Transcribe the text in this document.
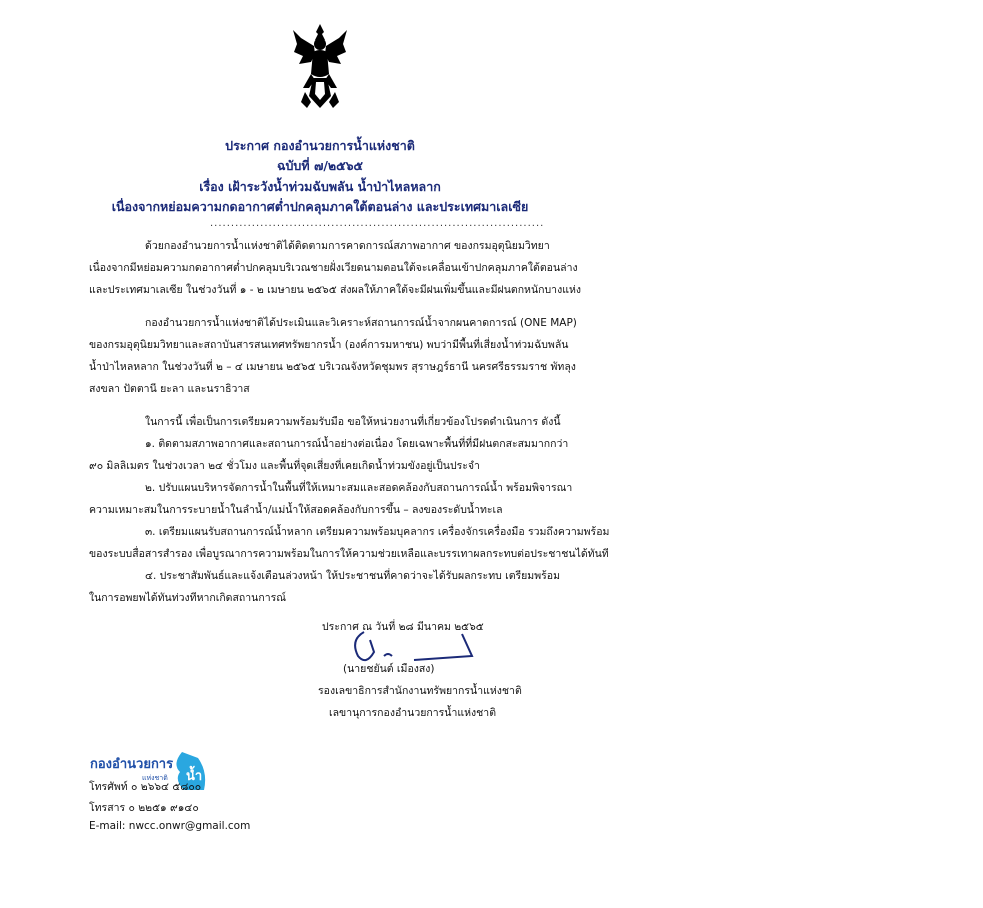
ประกาศ กองอำนวยการน้ำแห่งชาติ
ฉบับที่ ๗/๒๕๖๕
เรื่อง เฝ้าระวังน้ำท่วมฉับพลัน น้ำป่าไหลหลาก
เนื่องจากหย่อมความกดอากาศต่ำปกคลุมภาคใต้ตอนล่าง และประเทศมาเลเซีย
................................................................................
ด้วยกองอำนวยการน้ำแห่งชาติได้ติดตามการคาดการณ์สภาพอากาศ ของกรมอุตุนิยมวิทยา
เนื่องจากมีหย่อมความกดอากาศต่ำปกคลุมบริเวณชายฝั่งเวียดนามตอนใต้จะเคลื่อนเข้าปกคลุมภาคใต้ตอนล่าง
และประเทศมาเลเซีย ในช่วงวันที่ ๑ - ๒ เมษายน ๒๕๖๕ ส่งผลให้ภาคใต้จะมีฝนเพิ่มขึ้นและมีฝนตกหนักบางแห่ง
กองอำนวยการน้ำแห่งชาติได้ประเมินและวิเคราะห์สถานการณ์น้ำจากผนคาดการณ์ (ONE MAP)
ของกรมอุตุนิยมวิทยาและสถาบันสารสนเทศทรัพยากรน้ำ (องค์การมหาชน) พบว่ามีพื้นที่เสี่ยงน้ำท่วมฉับพลัน
น้ำป่าไหลหลาก ในช่วงวันที่ ๒ – ๔ เมษายน ๒๕๖๕ บริเวณจังหวัดชุมพร สุราษฎร์ธานี นครศรีธรรมราช พัทลุง
สงขลา ปัตตานี ยะลา และนราธิวาส
ในการนี้ เพื่อเป็นการเตรียมความพร้อมรับมือ ขอให้หน่วยงานที่เกี่ยวข้องโปรดดำเนินการ ดังนี้
๑. ติดตามสภาพอากาศและสถานการณ์น้ำอย่างต่อเนื่อง โดยเฉพาะพื้นที่ที่มีฝนตกสะสมมากกว่า
๙๐ มิลลิเมตร ในช่วงเวลา ๒๔ ชั่วโมง และพื้นที่จุดเสี่ยงที่เคยเกิดน้ำท่วมขังอยู่เป็นประจำ
๒. ปรับแผนบริหารจัดการน้ำในพื้นที่ให้เหมาะสมและสอดคล้องกับสถานการณ์น้ำ พร้อมพิจารณา
ความเหมาะสมในการระบายน้ำในลำน้ำ/แม่น้ำให้สอดคล้องกับการขึ้น – ลงของระดับน้ำทะเล
๓. เตรียมแผนรับสถานการณ์น้ำหลาก เตรียมความพร้อมบุคลากร เครื่องจักรเครื่องมือ รวมถึงความพร้อม
ของระบบสื่อสารสำรอง เพื่อบูรณาการความพร้อมในการให้ความช่วยเหลือและบรรเทาผลกระทบต่อประชาชนได้ทันที
๔. ประชาสัมพันธ์และแจ้งเตือนล่วงหน้า ให้ประชาชนที่คาดว่าจะได้รับผลกระทบ เตรียมพร้อม
ในการอพยพได้ทันท่วงทีหากเกิดสถานการณ์
ประกาศ ณ วันที่ ๒๘ มีนาคม ๒๕๖๕
(นายชยันต์ เมืองสง)
รองเลขาธิการสำนักงานทรัพยากรน้ำแห่งชาติ
เลขานุการกองอำนวยการน้ำแห่งชาติ
กองอำนวยการ
แห่งชาติ น้ำ
โทรศัพท์ ๐ ๒๖๖๔ ๕๘๐๐
โทรสาร ๐ ๒๒๕๑ ๙๑๔๐
E-mail: nwcc.onwr@gmail.com
